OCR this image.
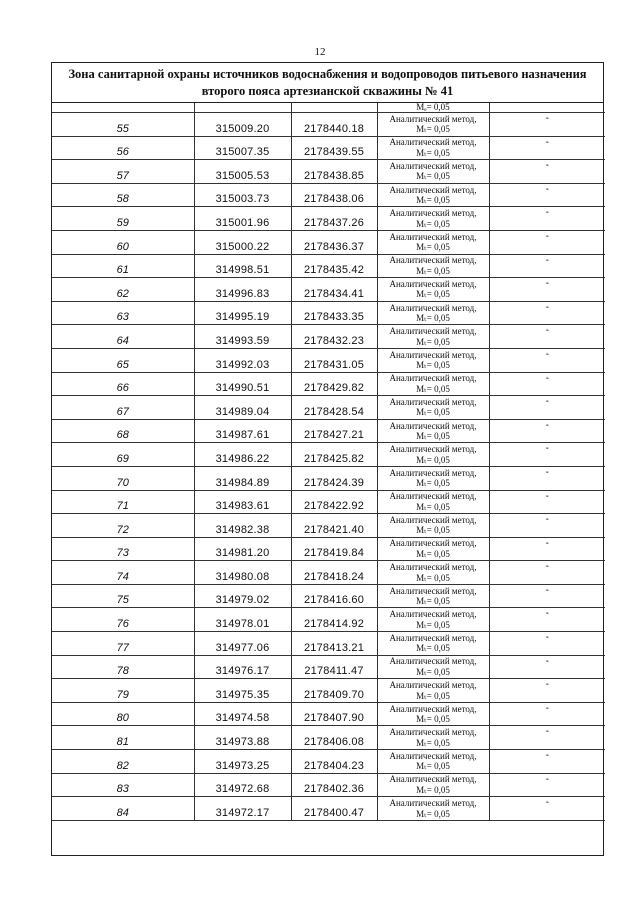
12
Зона санитарной охраны источников водоснабжения и водопроводов питьевого назначения
второго пояса артезианской скважины № 41
			Mₑ= 0,05	
55	315009.20	2178440.18	Аналитический метод,
Mₜ= 0,05	-
56	315007.35	2178439.55	Аналитический метод,
Mₜ= 0,05	-
57	315005.53	2178438.85	Аналитический метод,
Mₜ= 0,05	-
58	315003.73	2178438.06	Аналитический метод,
Mₜ= 0,05	-
59	315001.96	2178437.26	Аналитический метод,
Mₜ= 0,05	-
60	315000.22	2178436.37	Аналитический метод,
Mₜ= 0,05	-
61	314998.51	2178435.42	Аналитический метод,
Mₜ= 0,05	-
62	314996.83	2178434.41	Аналитический метод,
Mₜ= 0,05	-
63	314995.19	2178433.35	Аналитический метод,
Mₜ= 0,05	-
64	314993.59	2178432.23	Аналитический метод,
Mₜ= 0,05	-
65	314992.03	2178431.05	Аналитический метод,
Mₜ= 0,05	-
66	314990.51	2178429.82	Аналитический метод,
Mₜ= 0,05	-
67	314989.04	2178428.54	Аналитический метод,
Mₜ= 0,05	-
68	314987.61	2178427.21	Аналитический метод,
Mₜ= 0,05	-
69	314986.22	2178425.82	Аналитический метод,
Mₜ= 0,05	-
70	314984.89	2178424.39	Аналитический метод,
Mₜ= 0,05	-
71	314983.61	2178422.92	Аналитический метод,
Mₜ= 0,05	-
72	314982.38	2178421.40	Аналитический метод,
Mₜ= 0,05	-
73	314981.20	2178419.84	Аналитический метод,
Mₜ= 0,05	-
74	314980.08	2178418.24	Аналитический метод,
Mₜ= 0,05	-
75	314979.02	2178416.60	Аналитический метод,
Mₜ= 0,05	-
76	314978.01	2178414.92	Аналитический метод,
Mₜ= 0,05	-
77	314977.06	2178413.21	Аналитический метод,
Mₜ= 0,05	-
78	314976.17	2178411.47	Аналитический метод,
Mₜ= 0,05	-
79	314975.35	2178409.70	Аналитический метод,
Mₜ= 0,05	-
80	314974.58	2178407.90	Аналитический метод,
Mₜ= 0,05	-
81	314973.88	2178406.08	Аналитический метод,
Mₜ= 0,05	-
82	314973.25	2178404.23	Аналитический метод,
Mₜ= 0,05	-
83	314972.68	2178402.36	Аналитический метод,
Mₜ= 0,05	-
84	314972.17	2178400.47	Аналитический метод,
Mₜ= 0,05	-
